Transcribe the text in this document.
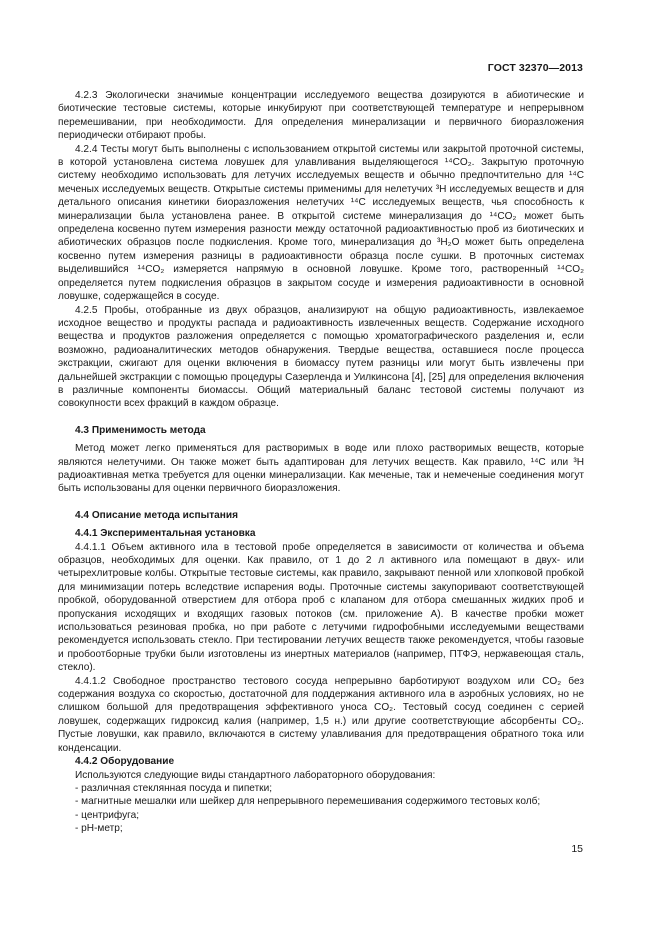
ГОСТ 32370—2013

4.2.3 Экологически значимые концентрации исследуемого вещества дозируются в абиотические и биотические тестовые системы, которые инкубируют при соответствующей температуре и непрерывном перемешивании, при необходимости. Для определения минерализации и первичного биоразложения периодически отбирают пробы.

4.2.4 Тесты могут быть выполнены с использованием открытой системы или закрытой проточной системы, в которой установлена система ловушек для улавливания выделяющегося ¹⁴CO₂. Закрытую проточную систему необходимо использовать для летучих исследуемых веществ и обычно предпочтительно для ¹⁴C меченых исследуемых веществ. Открытые системы применимы для нелетучих ³H исследуемых веществ и для детального описания кинетики биоразложения нелетучих ¹⁴C исследуемых веществ, чья способность к минерализации была установлена ранее. В открытой системе минерализация до ¹⁴CO₂ может быть определена косвенно путем измерения разности между остаточной радиоактивностью проб из биотических и абиотических образцов после подкисления. Кроме того, минерализация до ³H₂O может быть определена косвенно путем измерения разницы в радиоактивности образца после сушки. В проточных системах выделившийся ¹⁴CO₂ измеряется напрямую в основной ловушке. Кроме того, растворенный ¹⁴CO₂ определяется путем подкисления образцов в закрытом сосуде и измерения радиоактивности в основной ловушке, содержащейся в сосуде.

4.2.5 Пробы, отобранные из двух образцов, анализируют на общую радиоактивность, извлекаемое исходное вещество и продукты распада и радиоактивность извлеченных веществ. Содержание исходного вещества и продуктов разложения определяется с помощью хроматографического разделения и, если возможно, радиоаналитических методов обнаружения. Твердые вещества, оставшиеся после процесса экстракции, сжигают для оценки включения в биомассу путем разницы или могут быть извлечены при дальнейшей экстракции с помощью процедуры Сазерленда и Уилкинсона [4], [25] для определения включения в различные компоненты биомассы. Общий материальный баланс тестовой системы получают из совокупности всех фракций в каждом образце.

4.3 Применимость метода

Метод может легко применяться для растворимых в воде или плохо растворимых веществ, которые являются нелетучими. Он также может быть адаптирован для летучих веществ. Как правило, ¹⁴C или ³H радиоактивная метка требуется для оценки минерализации. Как меченые, так и немеченые соединения могут быть использованы для оценки первичного биоразложения.

4.4 Описание метода испытания
4.4.1 Экспериментальная установка

4.4.1.1 Объем активного ила в тестовой пробе определяется в зависимости от количества и объема образцов, необходимых для оценки. Как правило, от 1 до 2 л активного ила помещают в двух- или четырехлитровые колбы. Открытые тестовые системы, как правило, закрывают пенной или хлопковой пробкой для минимизации потерь вследствие испарения воды. Проточные системы закупоривают соответствующей пробкой, оборудованной отверстием для отбора проб с клапаном для отбора смешанных жидких проб и пропускания исходящих и входящих газовых потоков (см. приложение А). В качестве пробки может использоваться резиновая пробка, но при работе с летучими гидрофобными исследуемыми веществами рекомендуется использовать стекло. При тестировании летучих веществ также рекомендуется, чтобы газовые и пробоотборные трубки были изготовлены из инертных материалов (например, ПТФЭ, нержавеющая сталь, стекло).

4.4.1.2 Свободное пространство тестового сосуда непрерывно барботируют воздухом или CO₂ без содержания воздуха со скоростью, достаточной для поддержания активного ила в аэробных условиях, но не слишком большой для предотвращения эффективного уноса CO₂. Тестовый сосуд соединен с серией ловушек, содержащих гидроксид калия (например, 1,5 н.) или другие соответствующие абсорбенты CO₂. Пустые ловушки, как правило, включаются в систему улавливания для предотвращения обратного тока или конденсации.

4.4.2 Оборудование

Используются следующие виды стандартного лабораторного оборудования:

- различная стеклянная посуда и пипетки;
- магнитные мешалки или шейкер для непрерывного перемешивания содержимого тестовых колб;
- центрифуга;
- pH-метр;
15
